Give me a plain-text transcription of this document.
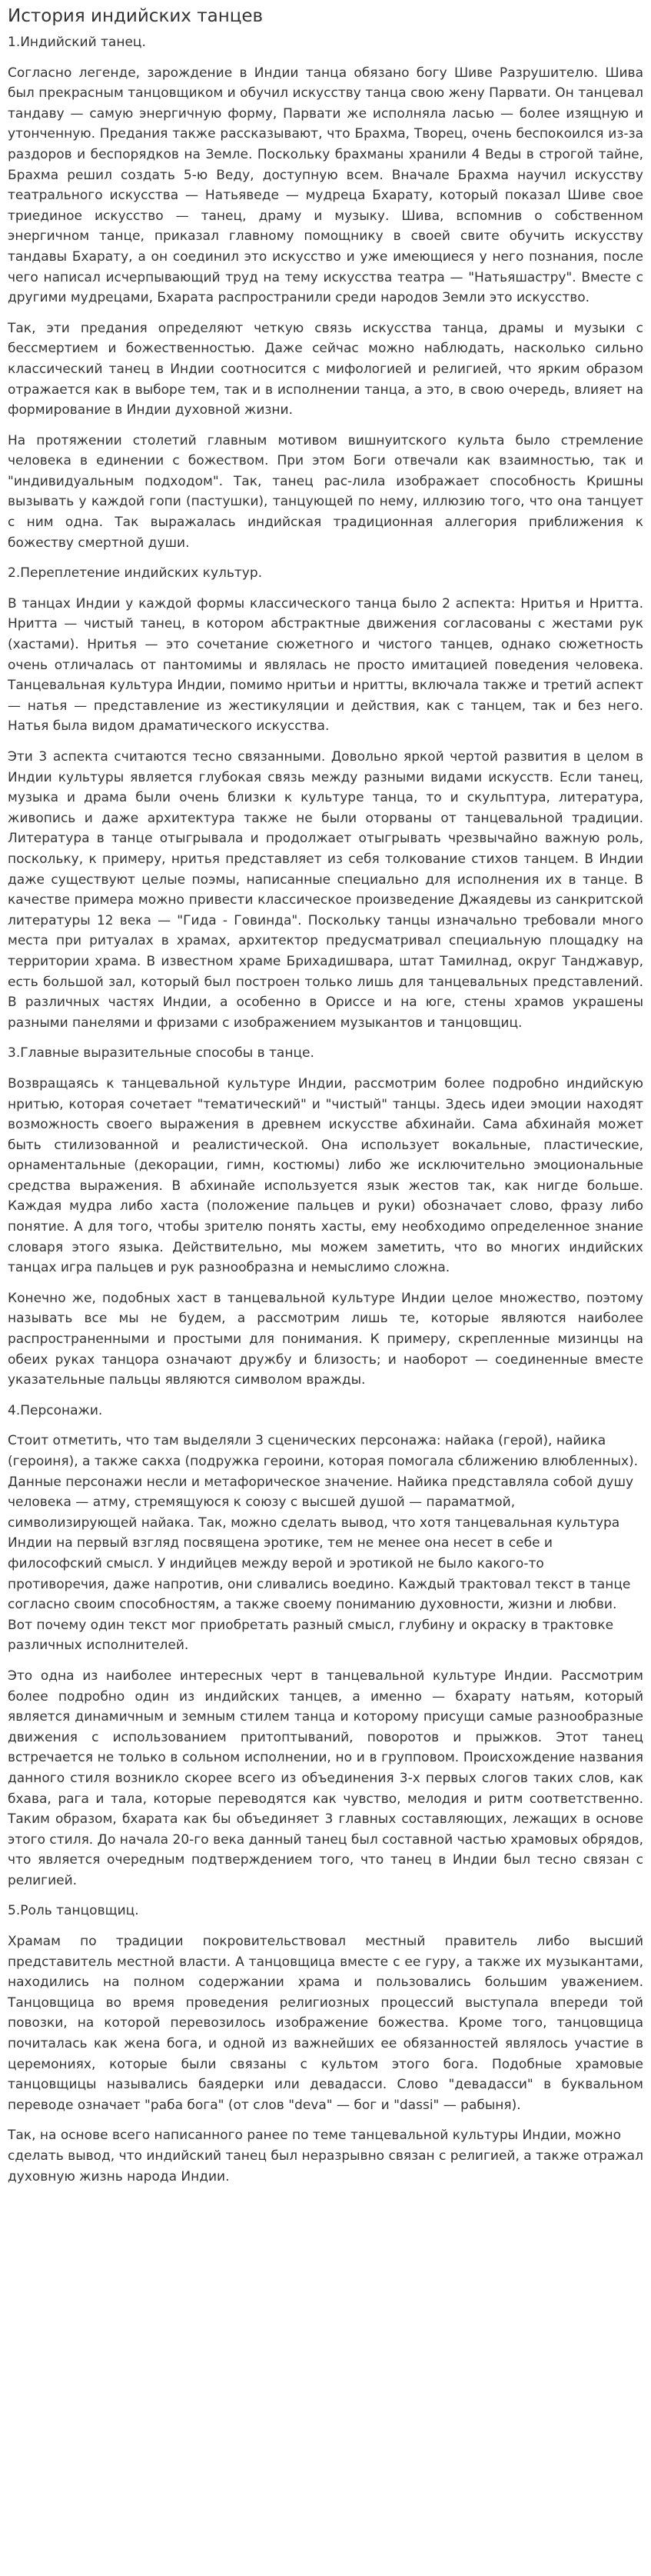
История индийских танцев

1.Индийский танец.

Согласно легенде, зарождение в Индии танца обязано богу Шиве Разрушителю. Шива был прекрасным танцовщиком и обучил искусству танца свою жену Парвати. Он танцевал тандаву — самую энергичную форму, Парвати же исполняла ласью — более изящную и утонченную. Предания также рассказывают, что Брахма, Творец, очень беспокоился из-за раздоров и беспорядков на Земле. Поскольку брахманы хранили 4 Веды в строгой тайне, Брахма решил создать 5-ю Веду, доступную всем. Вначале Брахма научил искусству театрального искусства — Натьяведе — мудреца Бхарату, который показал Шиве свое триединое искусство — танец, драму и музыку. Шива, вспомнив о собственном энергичном танце, приказал главному помощнику в своей свите обучить искусству тандавы Бхарату, а он соединил это искусство и уже имеющиеся у него познания, после чего написал исчерпывающий труд на тему искусства театра — "Натьяшастру". Вместе с другими мудрецами, Бхарата распространили среди народов Земли это искусство.

Так, эти предания определяют четкую связь искусства танца, драмы и музыки с бессмертием и божественностью. Даже сейчас можно наблюдать, насколько сильно классический танец в Индии соотносится с мифологией и религией, что ярким образом отражается как в выборе тем, так и в исполнении танца, а это, в свою очередь, влияет на формирование в Индии духовной жизни.

На протяжении столетий главным мотивом вишнуитского культа было стремление человека в единении с божеством. При этом Боги отвечали как взаимностью, так и "индивидуальным подходом". Так, танец рас-лила изображает способность Кришны вызывать у каждой гопи (пастушки), танцующей по нему, иллюзию того, что она танцует с ним одна. Так выражалась индийская традиционная аллегория приближения к божеству смертной души.

2.Переплетение индийских культур.

В танцах Индии у каждой формы классического танца было 2 аспекта: Нритья и Нритта. Нритта — чистый танец, в котором абстрактные движения согласованы с жестами рук (хастами). Нритья — это сочетание сюжетного и чистого танцев, однако сюжетность очень отличалась от пантомимы и являлась не просто имитацией поведения человека. Танцевальная культура Индии, помимо нритьи и нритты, включала также и третий аспект — натья — представление из жестикуляции и действия, как с танцем, так и без него. Натья была видом драматического искусства.

Эти 3 аспекта считаются тесно связанными. Довольно яркой чертой развития в целом в Индии культуры является глубокая связь между разными видами искусств. Если танец, музыка и драма были очень близки к культуре танца, то и скульптура, литература, живопись и даже архитектура также не были оторваны от танцевальной традиции. Литература в танце отыгрывала и продолжает отыгрывать чрезвычайно важную роль, поскольку, к примеру, нритья представляет из себя толкование стихов танцем. В Индии даже существуют целые поэмы, написанные специально для исполнения их в танце. В качестве примера можно привести классическое произведение Джаядевы из санкритской литературы 12 века — "Гида - Говинда". Поскольку танцы изначально требовали много места при ритуалах в храмах, архитектор предусматривал специальную площадку на территории храма. В известном храме Брихадишвара, штат Тамилнад, округ Танджавур, есть большой зал, который был построен только лишь для танцевальных представлений. В различных частях Индии, а особенно в Ориссе и на юге, стены храмов украшены разными панелями и фризами с изображением музыкантов и танцовщиц.

3.Главные выразительные способы в танце.

Возвращаясь к танцевальной культуре Индии, рассмотрим более подробно индийскую нритью, которая сочетает "тематический" и "чистый" танцы. Здесь идеи эмоции находят возможность своего выражения в древнем искусстве абхинайи. Сама абхинайя может быть стилизованной и реалистической. Она использует вокальные, пластические, орнаментальные (декорации, гимн, костюмы) либо же исключительно эмоциональные средства выражения. В абхинайе используется язык жестов так, как нигде больше. Каждая мудра либо хаста (положение пальцев и руки) обозначает слово, фразу либо понятие. А для того, чтобы зрителю понять хасты, ему необходимо определенное знание словаря этого языка. Действительно, мы можем заметить, что во многих индийских танцах игра пальцев и рук разнообразна и немыслимо сложна.

Конечно же, подобных хаст в танцевальной культуре Индии целое множество, поэтому называть все мы не будем, а рассмотрим лишь те, которые являются наиболее распространенными и простыми для понимания. К примеру, скрепленные мизинцы на обеих руках танцора означают дружбу и близость; и наоборот — соединенные вместе указательные пальцы являются символом вражды.

4.Персонажи.

Стоит отметить, что там выделяли 3 сценических персонажа: найака (герой), найика (героиня), а также сакха (подружка героини, которая помогала сближению влюбленных). Данные персонажи несли и метафорическое значение. Найика представляла собой душу человека — атму, стремящуюся к союзу с высшей душой — параматмой, символизирующей найака. Так, можно сделать вывод, что хотя танцевальная культура Индии на первый взгляд посвящена эротике, тем не менее она несет в себе и философский смысл. У индийцев между верой и эротикой не было какого-то противоречия, даже напротив, они сливались воедино. Каждый трактовал текст в танце согласно своим способностям, а также своему пониманию духовности, жизни и любви. Вот почему один текст мог приобретать разный смысл, глубину и окраску в трактовке различных исполнителей.

Это одна из наиболее интересных черт в танцевальной культуре Индии. Рассмотрим более подробно один из индийских танцев, а именно — бхарату натьям, который является динамичным и земным стилем танца и которому присущи самые разнообразные движения с использованием притоптываний, поворотов и прыжков. Этот танец встречается не только в сольном исполнении, но и в групповом. Происхождение названия данного стиля возникло скорее всего из объединения 3-х первых слогов таких слов, как бхава, рага и тала, которые переводятся как чувство, мелодия и ритм соответственно. Таким образом, бхарата как бы объединяет 3 главных составляющих, лежащих в основе этого стиля. До начала 20-го века данный танец был составной частью храмовых обрядов, что является очередным подтверждением того, что танец в Индии был тесно связан с религией.

5.Роль танцовщиц.

Храмам по традиции покровительствовал местный правитель либо высший представитель местной власти. А танцовщица вместе с ее гуру, а также их музыкантами, находились на полном содержании храма и пользовались большим уважением. Танцовщица во время проведения религиозных процессий выступала впереди той повозки, на которой перевозилось изображение божества. Кроме того, танцовщица почиталась как жена бога, и одной из важнейших ее обязанностей являлось участие в церемониях, которые были связаны с культом этого бога. Подобные храмовые танцовщицы назывались баядерки или девадасси. Слово "девадасси" в буквальном переводе означает "раба бога" (от слов "deva" — бог и "dassi" — рабыня).

Так, на основе всего написанного ранее по теме танцевальной культуры Индии, можно сделать вывод, что индийский танец был неразрывно связан с религией, а также отражал духовную жизнь народа Индии.
